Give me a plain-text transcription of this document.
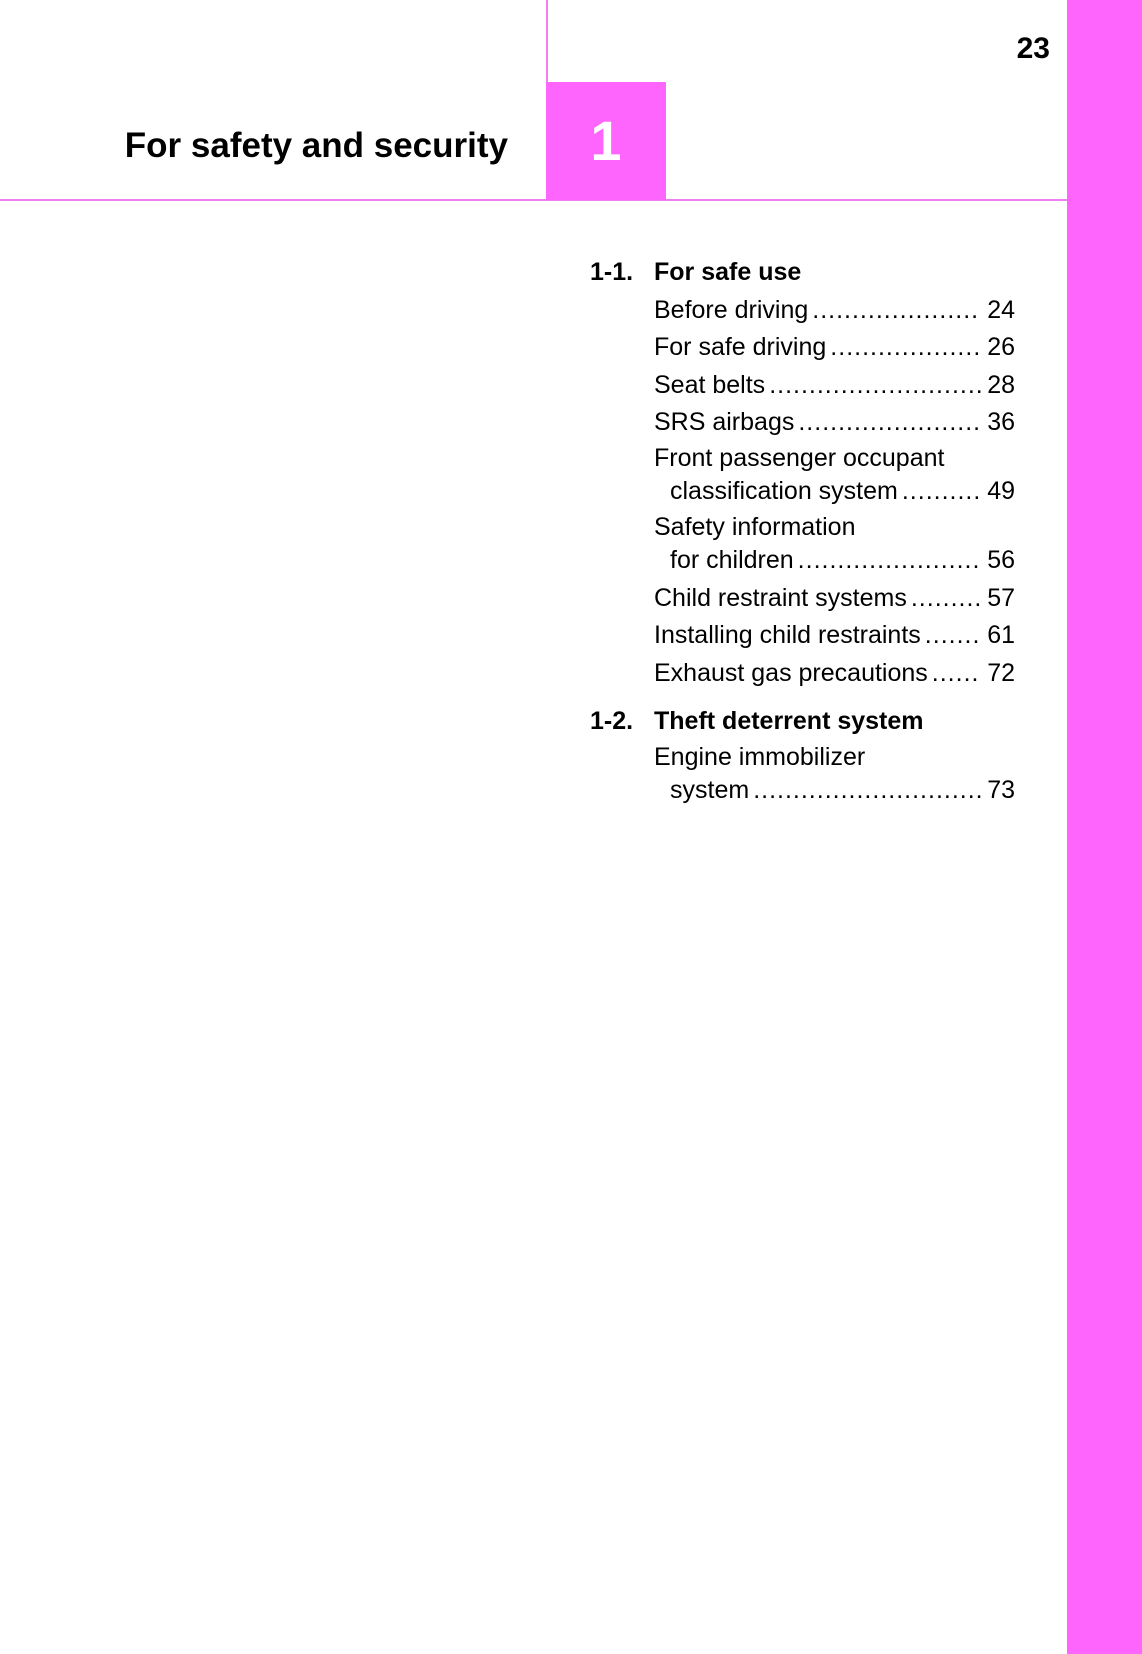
23
For safety and security	1
1-1. For safe use
Before driving .....	24
For safe driving .....	26
Seat belts .....	28
SRS airbags .....	36
Front passenger occupant
classification system .....	49
Safety information
for children .....	56
Child restraint systems .....	57
Installing child restraints .....	61
Exhaust gas precautions ..... 72
1-2. Theft deterrent system
Engine immobilizer
system .....	73
